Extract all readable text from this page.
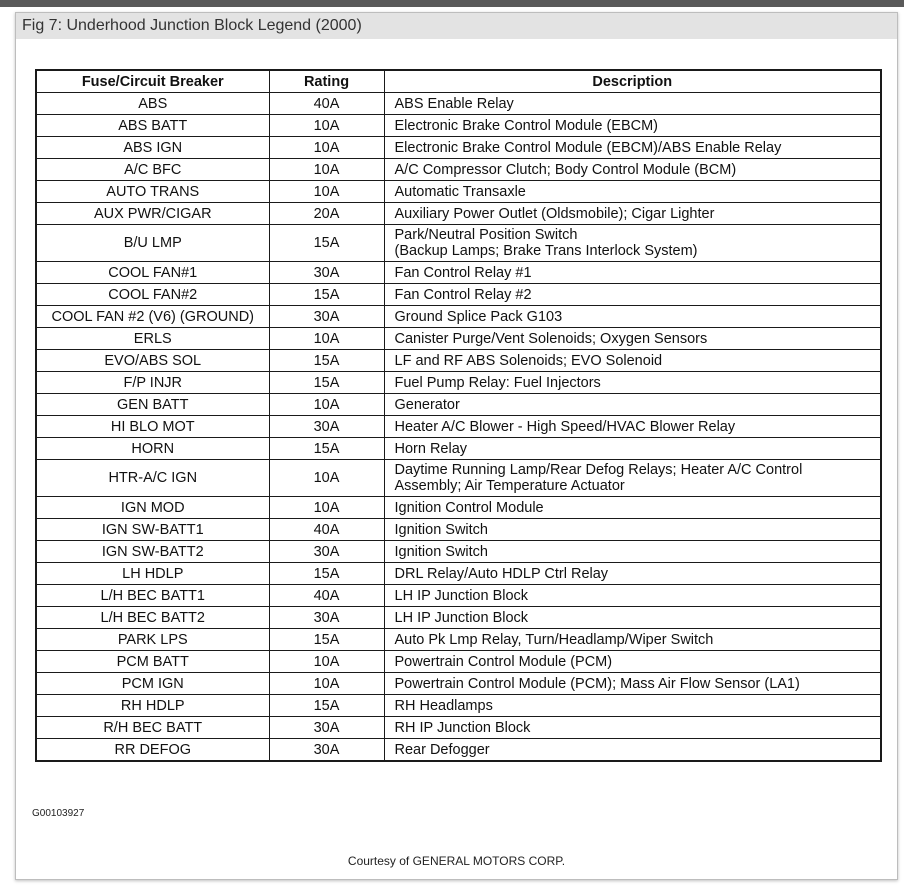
Fig 7: Underhood Junction Block Legend (2000)
Fuse/Circuit Breaker	Rating	Description
ABS	40A	ABS Enable Relay
ABS BATT	10A	Electronic Brake Control Module (EBCM)
ABS IGN	10A	Electronic Brake Control Module (EBCM)/ABS Enable Relay
A/C BFC	10A	A/C Compressor Clutch; Body Control Module (BCM)
AUTO TRANS	10A	Automatic Transaxle
AUX PWR/CIGAR	20A	Auxiliary Power Outlet (Oldsmobile); Cigar Lighter
B/U LMP	15A	Park/Neutral Position Switch
(Backup Lamps; Brake Trans Interlock System)
COOL FAN#1	30A	Fan Control Relay #1
COOL FAN#2	15A	Fan Control Relay #2
COOL FAN #2 (V6) (GROUND)	30A	Ground Splice Pack G103
ERLS	10A	Canister Purge/Vent Solenoids; Oxygen Sensors
EVO/ABS SOL	15A	LF and RF ABS Solenoids; EVO Solenoid
F/P INJR	15A	Fuel Pump Relay: Fuel Injectors
GEN BATT	10A	Generator
HI BLO MOT	30A	Heater A/C Blower - High Speed/HVAC Blower Relay
HORN	15A	Horn Relay
HTR-A/C IGN	10A	Daytime Running Lamp/Rear Defog Relays; Heater A/C Control
Assembly; Air Temperature Actuator
IGN MOD	10A	Ignition Control Module
IGN SW-BATT1	40A	Ignition Switch
IGN SW-BATT2	30A	Ignition Switch
LH HDLP	15A	DRL Relay/Auto HDLP Ctrl Relay
L/H BEC BATT1	40A	LH IP Junction Block
L/H BEC BATT2	30A	LH IP Junction Block
PARK LPS	15A	Auto Pk Lmp Relay, Turn/Headlamp/Wiper Switch
PCM BATT	10A	Powertrain Control Module (PCM)
PCM IGN	10A	Powertrain Control Module (PCM); Mass Air Flow Sensor (LA1)
RH HDLP	15A	RH Headlamps
R/H BEC BATT	30A	RH IP Junction Block
RR DEFOG	30A	Rear Defogger
G00103927
Courtesy of GENERAL MOTORS CORP.
